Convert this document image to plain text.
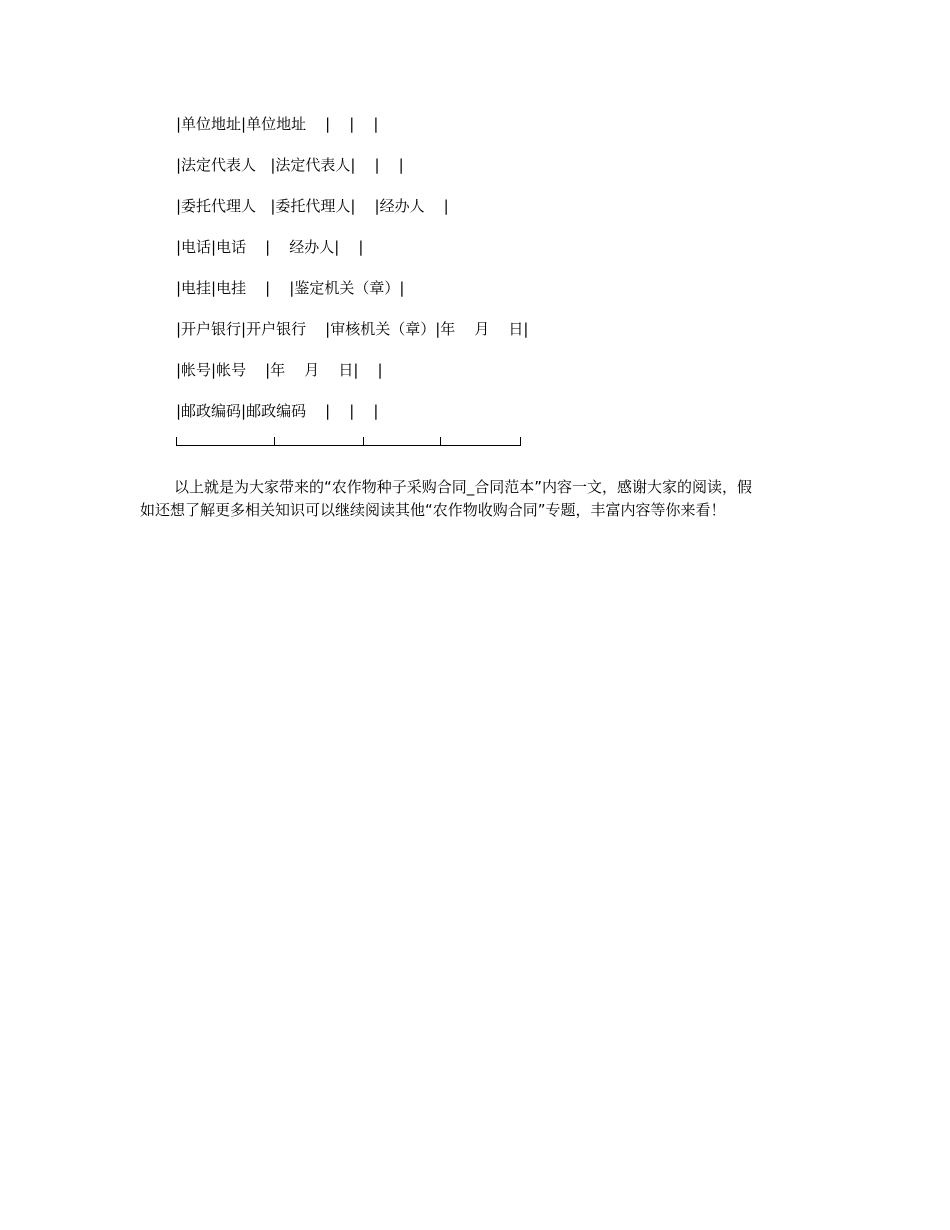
|单位地址|单位地址    |    |    |
|法定代表人   |法定代表人|    |    |
|委托代理人   |委托代理人|    |经办人    |
|电话|电话    |    经办人|    |
|电挂|电挂    |    |鉴定机关（章）|
|开户银行|开户银行    |审核机关（章）|年    月    日|
|帐号|帐号    |年    月    日|    |
|邮政编码|邮政编码    |    |    |
以上就是为大家带来的“农作物种子采购合同_合同范本”内容一文，感谢大家的阅读，假
如还想了解更多相关知识可以继续阅读其他“农作物收购合同”专题，丰富内容等你来看！
